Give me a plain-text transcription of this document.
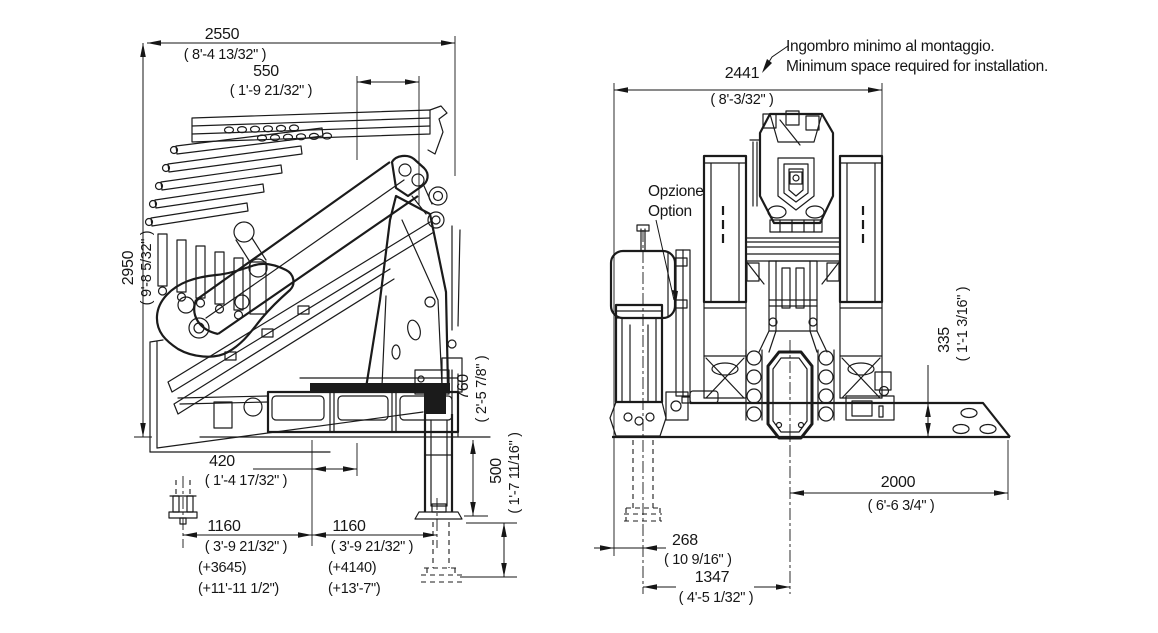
2550
( 8'-4 13/32" )
550
( 1'-9 21/32" )
2950 ( 9'-8 5/32" )
420
( 1'-4 17/32" )
1160
( 3'-9 21/32" )
(+3645)
(+11'-11 1/2")
1160
( 3'-9 21/32" )
(+4140)
(+13'-7")
760 ( 2'-5 7/8" )
500 ( 1'-7 11/16" )
2441
( 8'-3/32" )
335 ( 1'-1 3/16" )
2000
( 6'-6 3/4" )
268
( 10 9/16" )
1347
( 4'-5 1/32" )
Ingombro minimo al montaggio.
Minimum space required for installation.
Opzione
Option
